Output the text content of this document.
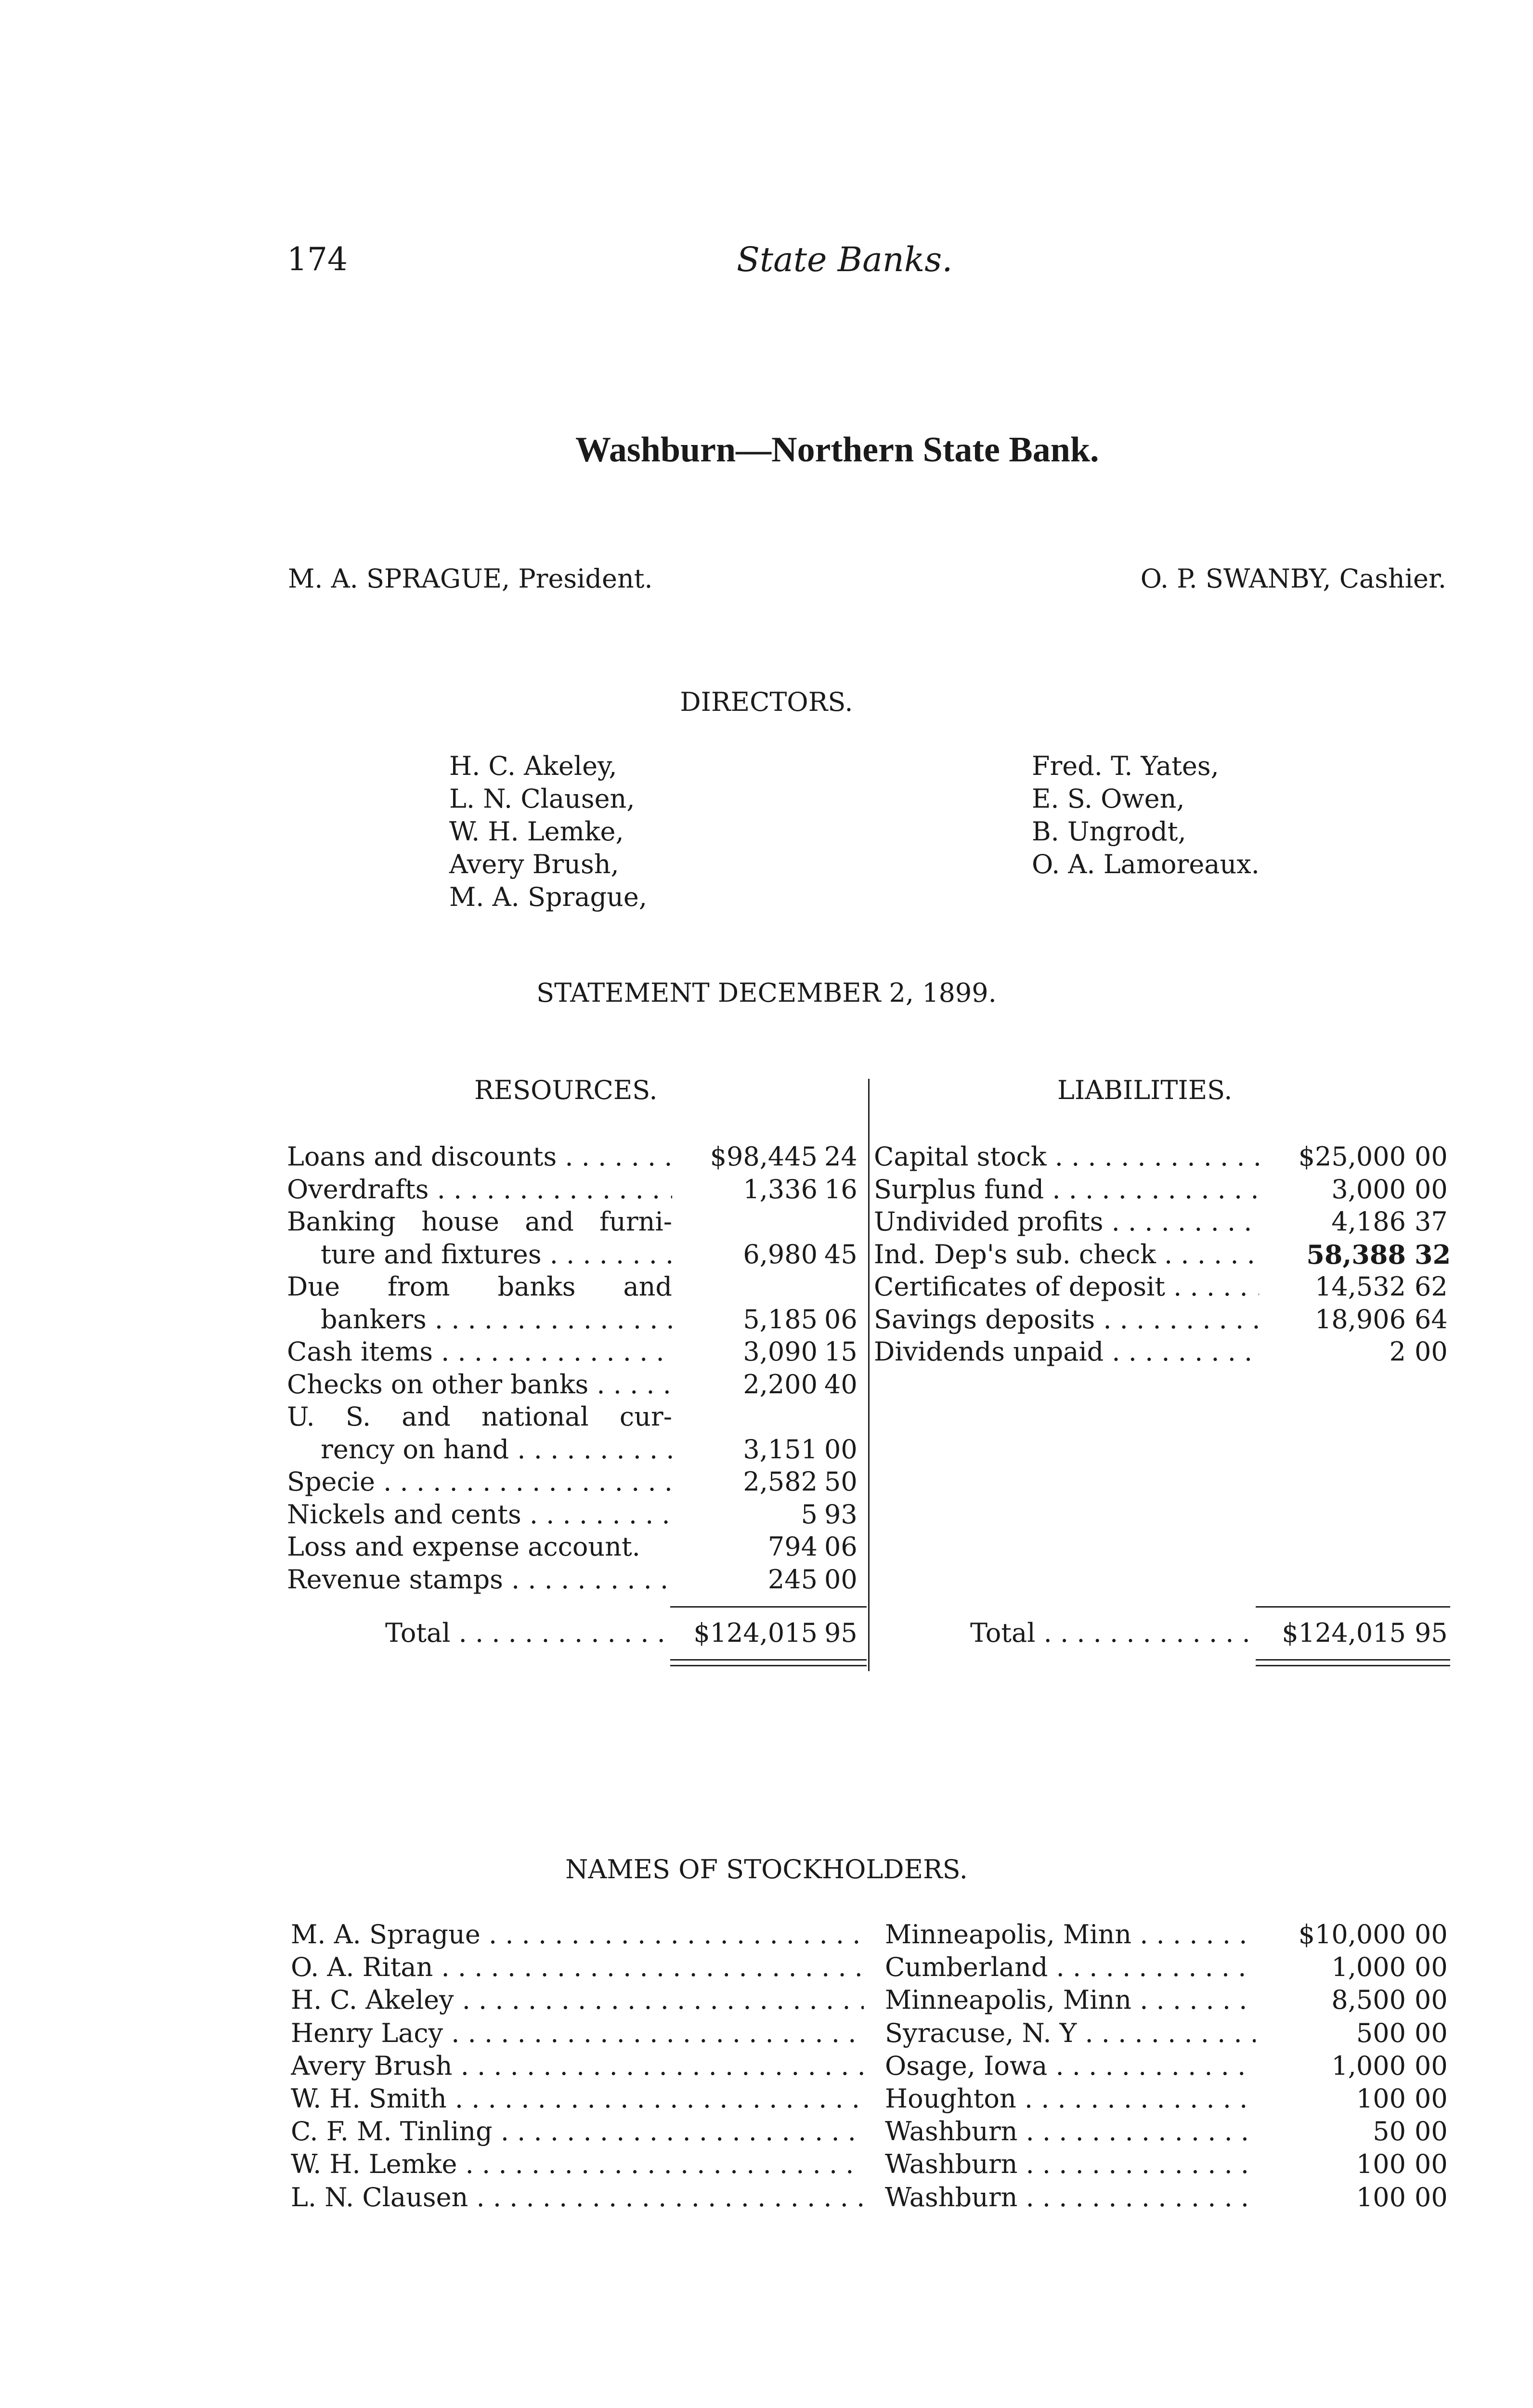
174	State Banks.
Washburn—Northern State Bank.
M. A. SPRAGUE, President.	O. P. SWANBY, Cashier.
DIRECTORS.
H. C. Akeley,
L. N. Clausen,
W. H. Lemke,
Avery Brush,
M. A. Sprague,
Fred. T. Yates,
E. S. Owen,
B. Ungrodt,
O. A. Lamoreaux.
STATEMENT DECEMBER 2, 1899.
RESOURCES.	LIABILITIES.
Loans and discounts . . .	$98,445 24
Overdrafts . . .	1,336 16
Banking house and furni-
ture and fixtures . . .	6,980 45
Due from banks and
bankers . . .	5,185 06
Cash items . . .	3,090 15
Checks on other banks . . .	2,200 40
U. S. and national cur-
rency on hand . . .	3,151 00
Specie . . .	2,582 50
Nickels and cents . . .	5 93
Loss and expense account.	794 06
Revenue stamps . . .	245 00
Capital stock . . .	$25,000 00
Surplus fund . . .	3,000 00
Undivided profits . . .	4,186 37
Ind. Dep's sub. check . . .	58,388 32
Certificates of deposit . . .	14,532 62
Savings deposits . . .	18,906 64
Dividends unpaid . . .	2 00
Total . . .	$124,015 95	Total . . .	$124,015 95
NAMES OF STOCKHOLDERS.
M. A. Sprague . . .	Minneapolis, Minn . . .	$10,000 00
O. A. Ritan . . .	Cumberland . . .	1,000 00
H. C. Akeley . . .	Minneapolis, Minn . . .	8,500 00
Henry Lacy . . .	Syracuse, N. Y . . .	500 00
Avery Brush . . .	Osage, Iowa . . .	1,000 00
W. H. Smith . . .	Houghton . . .	100 00
C. F. M. Tinling . . .	Washburn . . .	50 00
W. H. Lemke . . .	Washburn . . .	100 00
L. N. Clausen . . .	Washburn . . .	100 00
